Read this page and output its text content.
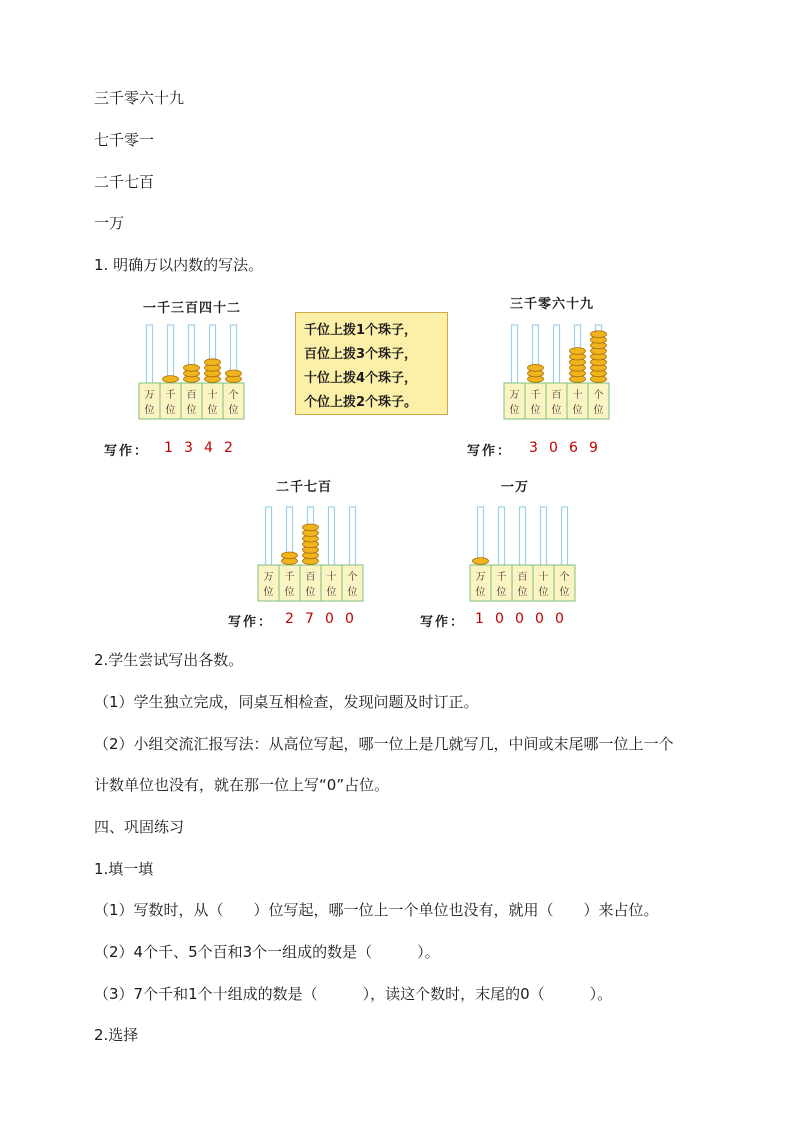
三千零六十九
七千零一
二千七百
一万
1. 明确万以内数的写法。
一千三百四十二
万
位
千
位
百
位
十
位
个
位
写作： 1 3 4 2
千位上拨1个珠子，
百位上拨3个珠子，
十位上拨4个珠子，
个位上拨2个珠子。
三千零六十九
万
位
千
位
百
位
十
位
个
位
写作： 3 0 6 9
二千七百
万
位
千
位
百
位
十
位
个
位
写作： 2 7 0 0
一万
万
位
千
位
百
位
十
位
个
位
写作： 1 0 0 0 0
2.学生尝试写出各数。
（1）学生独立完成，同桌互相检查，发现问题及时订正。
（2）小组交流汇报写法：从高位写起，哪一位上是几就写几，中间或末尾哪一位上一个
计数单位也没有，就在那一位上写“0”占位。
四、巩固练习
1.填一填
（1）写数时，从（　　）位写起，哪一位上一个单位也没有，就用（　　）来占位。
（2）4个千、5个百和3个一组成的数是（　　　）。
（3）7个千和1个十组成的数是（　　　），读这个数时，末尾的0（　　　）。
2.选择
